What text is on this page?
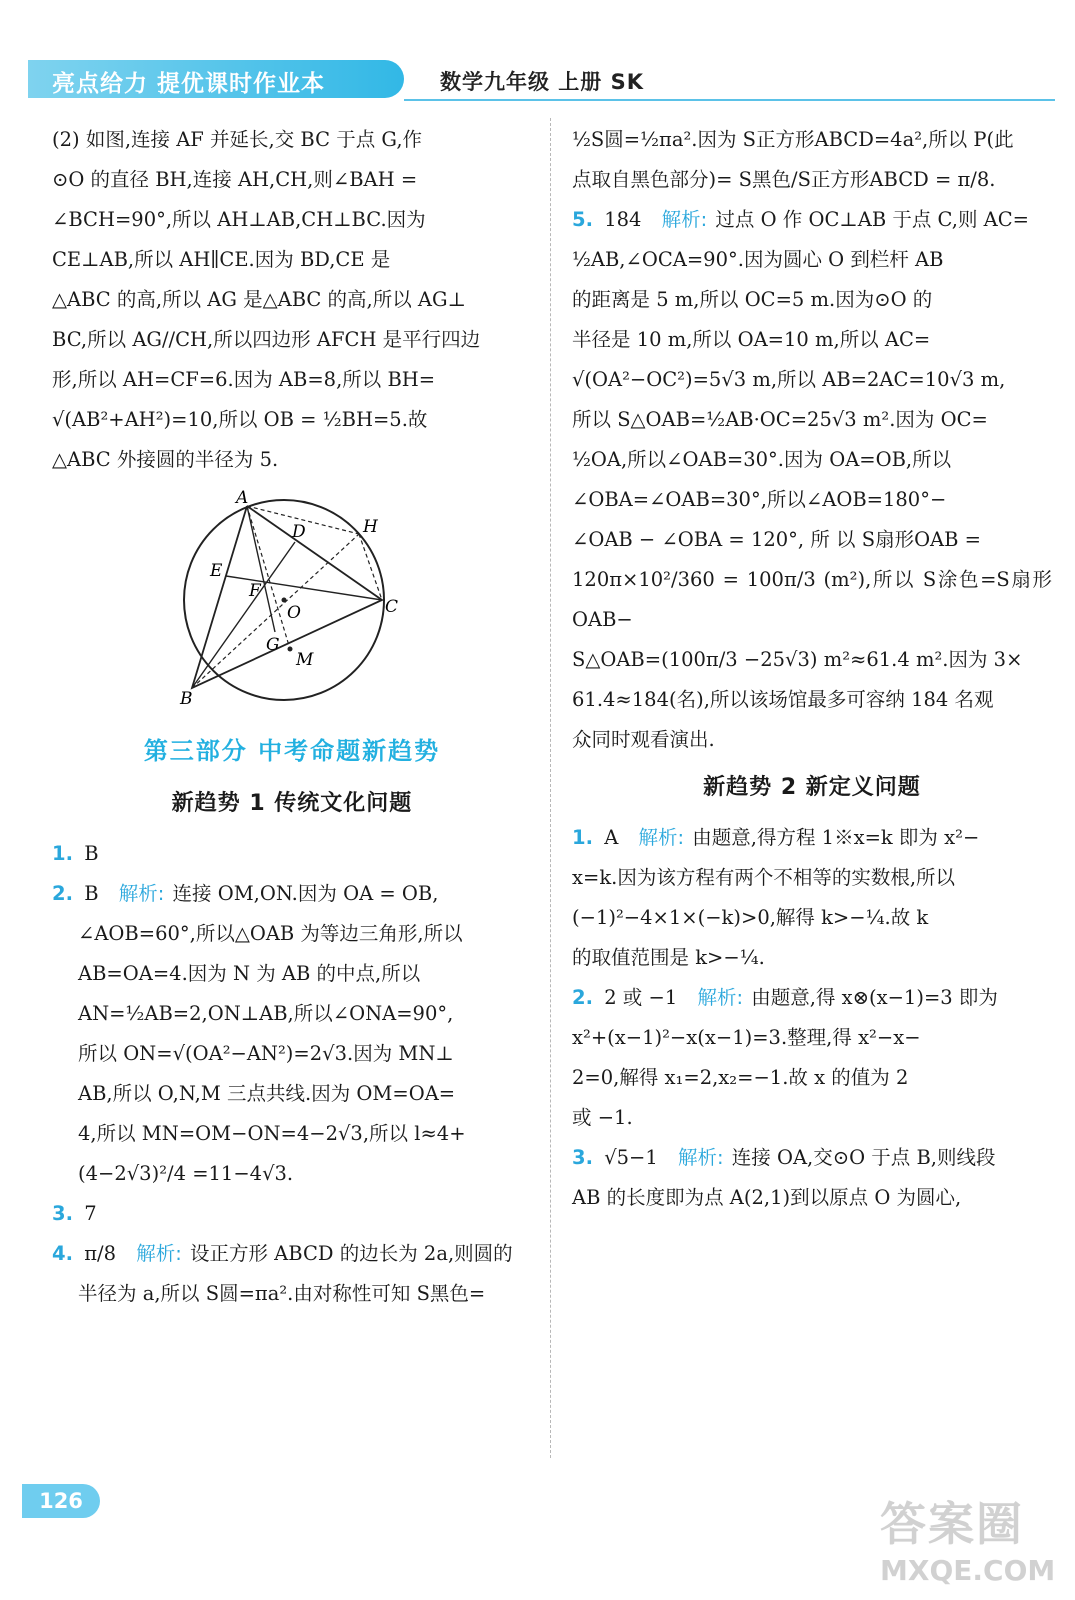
亮点给力 提优课时作业本	数学九年级 上册 SK

(2) 如图,连接 AF 并延长,交 BC 于点 G,作

⊙O 的直径 BH,连接 AH,CH,则∠BAH =

∠BCH=90°,所以 AH⊥AB,CH⊥BC.因为

CE⊥AB,所以 AH∥CE.因为 BD,CE 是

△ABC 的高,所以 AG 是△ABC 的高,所以 AG⊥

BC,所以 AG//CH,所以四边形 AFCH 是平行四边

形,所以 AH=CF=6.因为 AB=8,所以 BH=

√(AB²+AH²)=10,所以 OB = ½BH=5.故

△ABC 外接圆的半径为 5.

A
D	H
E
F
O	C
G
M
B
第三部分 中考命题新趋势
新趋势 1 传统文化问题

1. B

2. B 解析: 连接 OM,ON.因为 OA = OB,

∠AOB=60°,所以△OAB 为等边三角形,所以

AB=OA=4.因为 N 为 AB 的中点,所以

AN=½AB=2,ON⊥AB,所以∠ONA=90°,

所以 ON=√(OA²−AN²)=2√3.因为 MN⊥

AB,所以 O,N,M 三点共线.因为 OM=OA=

4,所以 MN=OM−ON=4−2√3,所以 l≈4+

(4−2√3)²/4 =11−4√3.

3. 7

4. π/8 解析: 设正方形 ABCD 的边长为 2a,则圆的

半径为 a,所以 S圆=πa².由对称性可知 S黑色=

½S圆=½πa².因为 S正方形ABCD=4a²,所以 P(此

点取自黑色部分)= S黑色/S正方形ABCD = π/8.

5. 184 解析: 过点 O 作 OC⊥AB 于点 C,则 AC=

½AB,∠OCA=90°.因为圆心 O 到栏杆 AB

的距离是 5 m,所以 OC=5 m.因为⊙O 的

半径是 10 m,所以 OA=10 m,所以 AC=

√(OA²−OC²)=5√3 m,所以 AB=2AC=10√3 m,

所以 S△OAB=½AB·OC=25√3 m².因为 OC=

½OA,所以∠OAB=30°.因为 OA=OB,所以

∠OBA=∠OAB=30°,所以∠AOB=180°−

∠OAB − ∠OBA = 120°, 所 以 S扇形OAB =

120π×10²/360 = 100π/3 (m²),所以 S涂色=S扇形OAB−

S△OAB=(100π/3 −25√3) m²≈61.4 m².因为 3×

61.4≈184(名),所以该场馆最多可容纳 184 名观

众同时观看演出.

新趋势 2 新定义问题

1. A 解析: 由题意,得方程 1※x=k 即为 x²−

x=k.因为该方程有两个不相等的实数根,所以

(−1)²−4×1×(−k)>0,解得 k>−¼.故 k

的取值范围是 k>−¼.

2. 2 或 −1 解析: 由题意,得 x⊗(x−1)=3 即为

x²+(x−1)²−x(x−1)=3.整理,得 x²−x−

2=0,解得 x₁=2,x₂=−1.故 x 的值为 2

或 −1.

3. √5−1 解析: 连接 OA,交⊙O 于点 B,则线段

AB 的长度即为点 A(2,1)到以原点 O 为圆心,

126	答案圈
MXQE.COM
